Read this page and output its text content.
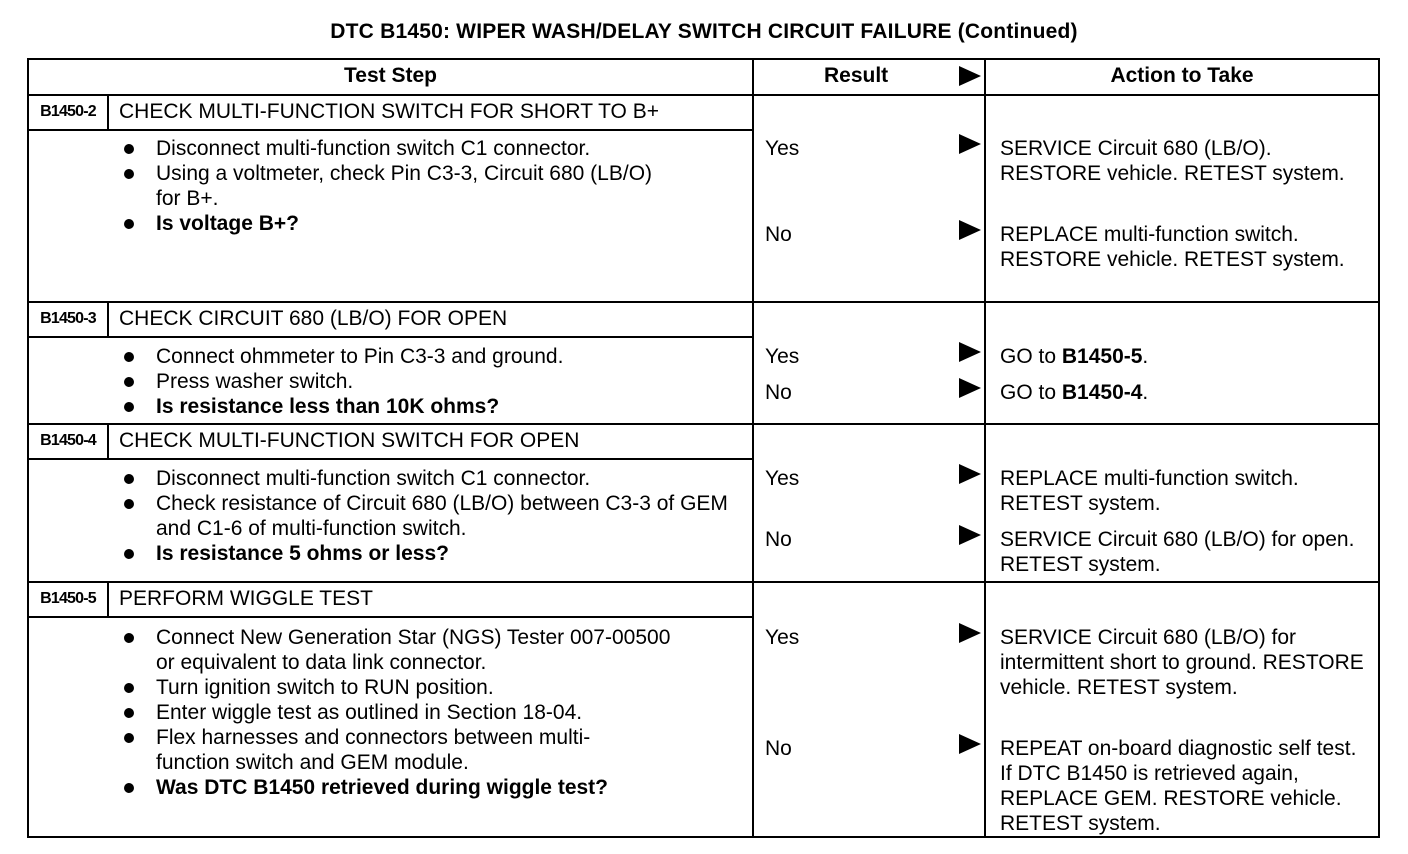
DTC B1450: WIPER WASH/DELAY SWITCH CIRCUIT FAILURE (Continued)
Test Step	Result	Action to Take
B1450-2	CHECK MULTI-FUNCTION SWITCH FOR SHORT TO B+
Disconnect multi-function switch C1 connector.
Using a voltmeter, check Pin C3-3, Circuit 680 (LB/O) for B+.
Is voltage B+?
Yes	SERVICE Circuit 680 (LB/O). RESTORE vehicle. RETEST system.
No	REPLACE multi-function switch. RESTORE vehicle. RETEST system.
B1450-3	CHECK CIRCUIT 680 (LB/O) FOR OPEN
Connect ohmmeter to Pin C3-3 and ground.
Press washer switch.
Is resistance less than 10K ohms?
Yes	GO to B1450-5.
No	GO to B1450-4.
B1450-4	CHECK MULTI-FUNCTION SWITCH FOR OPEN
Disconnect multi-function switch C1 connector.
Check resistance of Circuit 680 (LB/O) between C3-3 of GEM and C1-6 of multi-function switch.
Is resistance 5 ohms or less?
Yes	REPLACE multi-function switch. RETEST system.
No	SERVICE Circuit 680 (LB/O) for open. RETEST system.
B1450-5	PERFORM WIGGLE TEST
Connect New Generation Star (NGS) Tester 007-00500 or equivalent to data link connector.
Turn ignition switch to RUN position.
Enter wiggle test as outlined in Section 18-04.
Flex harnesses and connectors between multi-function switch and GEM module.
Was DTC B1450 retrieved during wiggle test?
Yes	SERVICE Circuit 680 (LB/O) for intermittent short to ground. RESTORE vehicle. RETEST system.
No	REPEAT on-board diagnostic self test. If DTC B1450 is retrieved again, REPLACE GEM. RESTORE vehicle. RETEST system.
